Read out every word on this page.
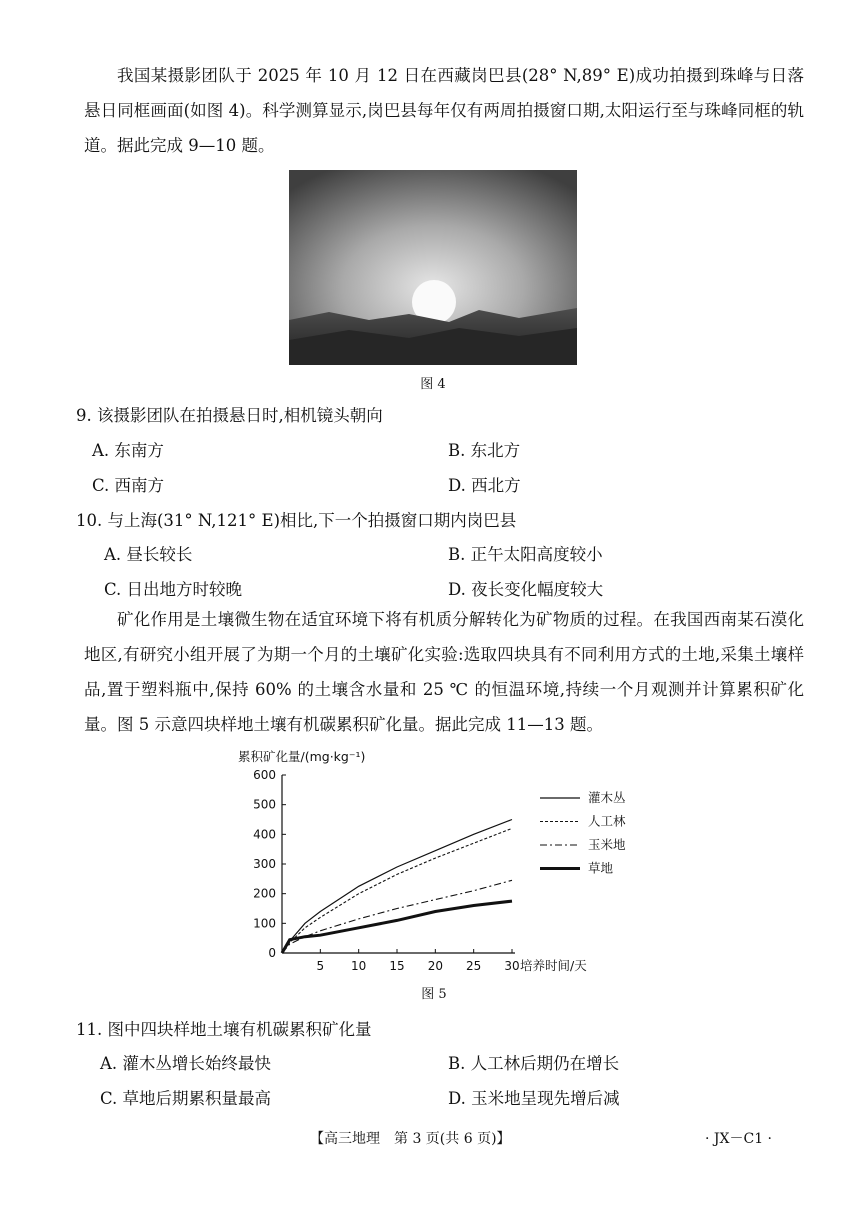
我国某摄影团队于 2025 年 10 月 12 日在西藏岗巴县(28° N,89° E)成功拍摄到珠峰与日落悬日同框画面(如图 4)。科学测算显示,岗巴县每年仅有两周拍摄窗口期,太阳运行至与珠峰同框的轨道。据此完成 9—10 题。

图 4

9. 该摄影团队在拍摄悬日时,相机镜头朝向

A. 东南方	B. 东北方

C. 西南方	D. 西北方

10. 与上海(31° N,121° E)相比,下一个拍摄窗口期内岗巴县

A. 昼长较长	B. 正午太阳高度较小

C. 日出地方时较晚	D. 夜长变化幅度较大

矿化作用是土壤微生物在适宜环境下将有机质分解转化为矿物质的过程。在我国西南某石漠化地区,有研究小组开展了为期一个月的土壤矿化实验:选取四块具有不同利用方式的土地,采集土壤样品,置于塑料瓶中,保持 60% 的土壤含水量和 25 ℃ 的恒温环境,持续一个月观测并计算累积矿化量。图 5 示意四块样地土壤有机碳累积矿化量。据此完成 11—13 题。

0
100
200
300
400
500
600
5 10 15 20 25 30
累积矿化量/(mg·kg⁻¹)
培养时间/天
灌木丛
人工林
玉米地
草地
图 5

11. 图中四块样地土壤有机碳累积矿化量

A. 灌木丛增长始终最快	B. 人工林后期仍在增长

C. 草地后期累积量最高	D. 玉米地呈现先增后减

【高三地理　第 3 页(共 6 页)】	· JX－C1 ·
